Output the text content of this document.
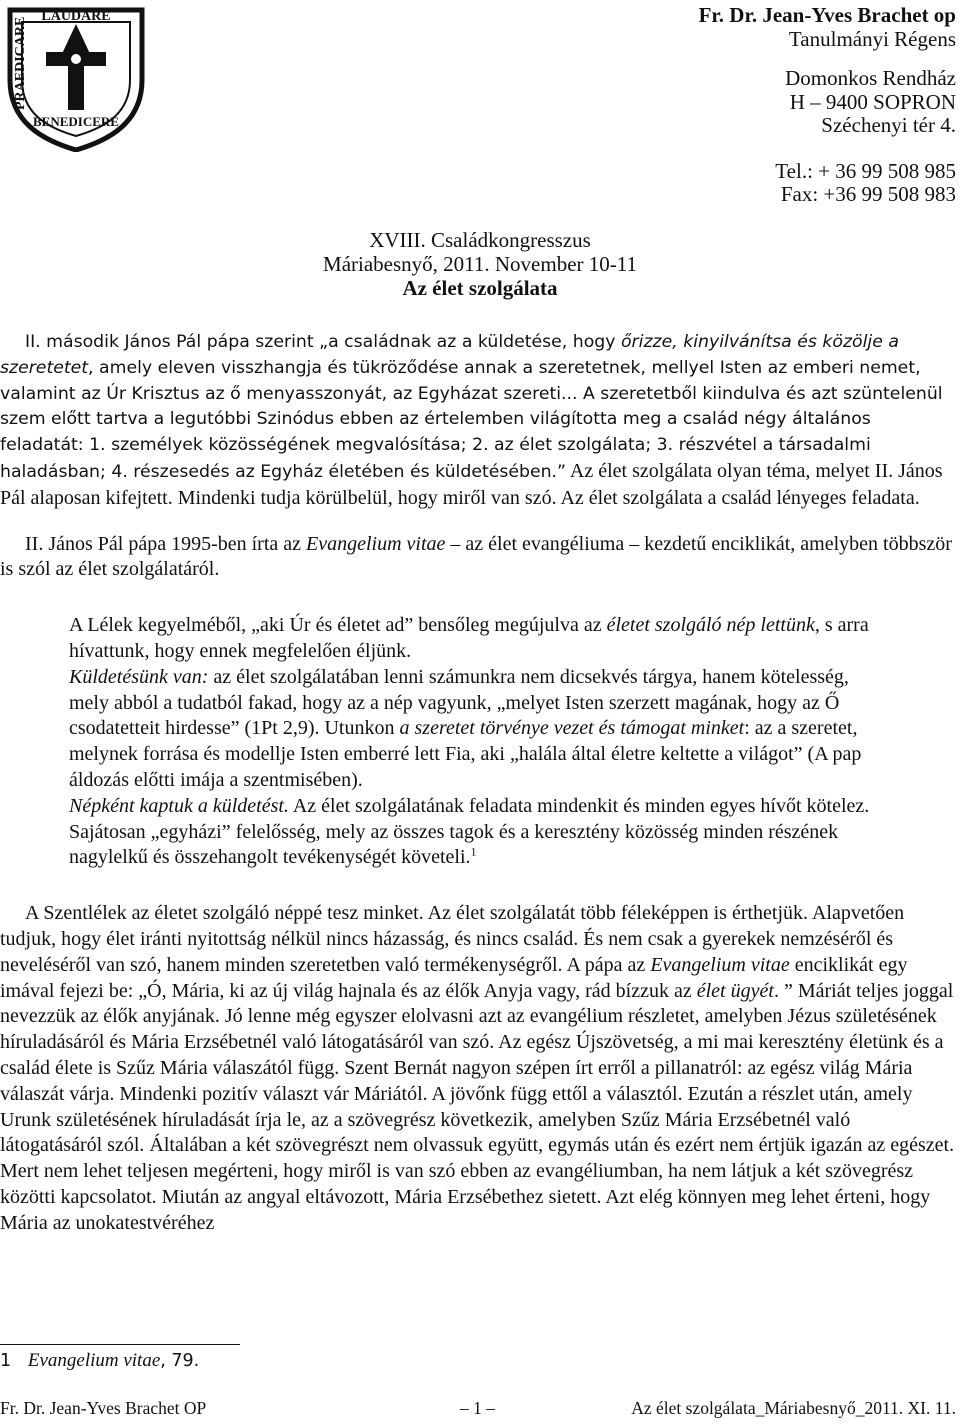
PRAEDICARE
LAUDARE
BENEDICERE
Fr. Dr. Jean-Yves Brachet op
Tanulmányi Régens
Domonkos Rendház
H – 9400 SOPRON
Széchenyi tér 4.
Tel.: + 36 99 508 985
Fax: +36 99 508 983
XVIII. Családkongresszus
Máriabesnyő, 2011. November 10-11
Az élet szolgálata

II. második János Pál pápa szerint „a családnak az a küldetése, hogy őrizze, kinyilvánítsa és közölje a szeretetet, amely eleven visszhangja és tükröződése annak a szeretetnek, mellyel Isten az emberi nemet, valamint az Úr Krisztus az ő menyasszonyát, az Egyházat szereti... A szeretetből kiindulva és azt szüntelenül szem előtt tartva a legutóbbi Szinódus ebben az értelemben világította meg a család négy általános feladatát: 1. személyek közösségének megvalósítása; 2. az élet szolgálata; 3. részvétel a társadalmi haladásban; 4. részesedés az Egyház életében és küldetésében.” Az élet szolgálata olyan téma, melyet II. János Pál alaposan kifejtett. Mindenki tudja körülbelül, hogy miről van szó. Az élet szolgálata a család lényeges feladata.

II. János Pál pápa 1995-ben írta az Evangelium vitae – az élet evangéliuma – kezdetű enciklikát, amelyben többször is szól az élet szolgálatáról.

A Lélek kegyelméből, „aki Úr és életet ad” bensőleg megújulva az életet szolgáló nép lettünk, s arra hívattunk, hogy ennek megfelelően éljünk.

Küldetésünk van: az élet szolgálatában lenni számunkra nem dicsekvés tárgya, hanem kötelesség, mely abból a tudatból fakad, hogy az a nép vagyunk, „melyet Isten szerzett magának, hogy az Ő csodatetteit hirdesse” (1Pt 2,9). Utunkon a szeretet törvénye vezet és támogat minket: az a szeretet, melynek forrása és modellje Isten emberré lett Fia, aki „halála által életre keltette a világot” (A pap áldozás előtti imája a szentmisében).

Népként kaptuk a küldetést. Az élet szolgálatának feladata mindenkit és minden egyes hívőt kötelez. Sajátosan „egyházi” felelősség, mely az összes tagok és a keresztény közösség minden részének nagylelkű és összehangolt tevékenységét követeli.$^1$

A Szentlélek az életet szolgáló néppé tesz minket. Az élet szolgálatát több féleképpen is érthetjük. Alapvetően tudjuk, hogy élet iránti nyitottság nélkül nincs házasság, és nincs család. És nem csak a gyerekek nemzéséről és neveléséről van szó, hanem minden szeretetben való termékenységről. A pápa az Evangelium vitae enciklikát egy imával fejezi be: „Ó, Mária, ki az új világ hajnala és az élők Anyja vagy, rád bízzuk az élet ügyét. ” Máriát teljes joggal nevezzük az élők anyjának. Jó lenne még egyszer elolvasni azt az evangélium részletet, amelyben Jézus születésének híruladásáról és Mária Erzsébetnél való látogatásáról van szó. Az egész Újszövetség, a mi mai keresztény életünk és a család élete is Szűz Mária válaszától függ. Szent Bernát nagyon szépen írt erről a pillanatról: az egész világ Mária válaszát várja. Mindenki pozitív választ vár Máriától. A jövőnk függ ettől a választól. Ezután a részlet után, amely Urunk születésének híruladását írja le, az a szövegrész következik, amelyben Szűz Mária Erzsébetnél való látogatásáról szól. Általában a két szövegrészt nem olvassuk együtt, egymás után és ezért nem értjük igazán az egészet. Mert nem lehet teljesen megérteni, hogy miről is van szó ebben az evangéliumban, ha nem látjuk a két szövegrész közötti kapcsolatot. Miután az angyal eltávozott, Mária Erzsébethez sietett. Azt elég könnyen meg lehet érteni, hogy Mária az unokatestvéréhez

1 Evangelium vitae, 79.
Fr. Dr. Jean-Yves Brachet OP	– 1 –	Az élet szolgálata_Máriabesnyő_2011. XI. 11.
